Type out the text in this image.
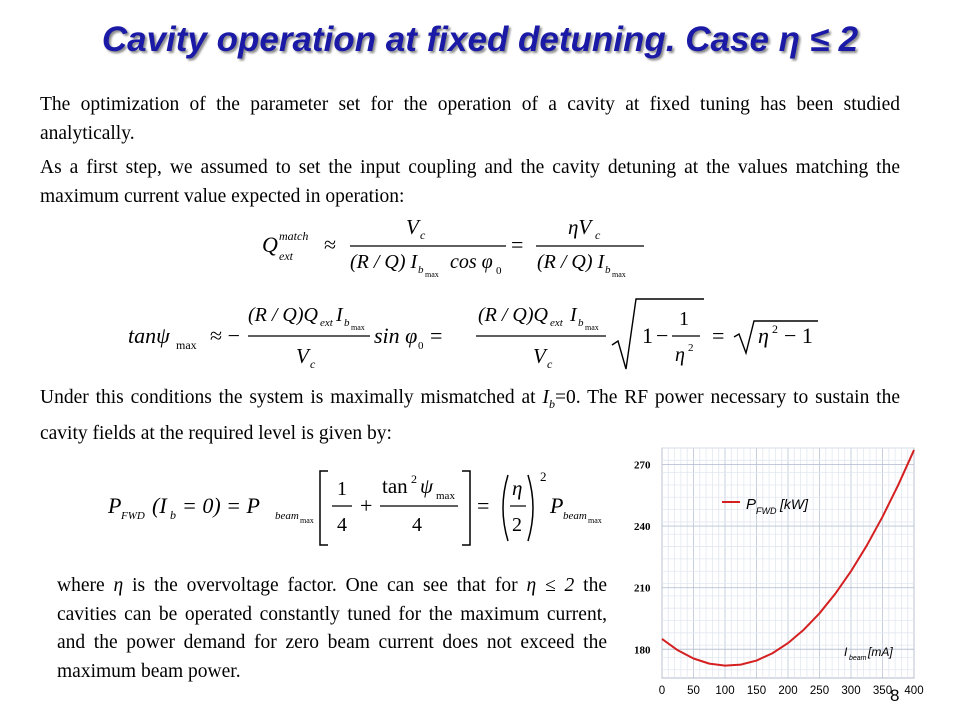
Cavity operation at fixed detuning. Case η ≤ 2
The optimization of the parameter set for the operation of a cavity at fixed tuning has been studied analytically.
As a first step, we assumed to set the input coupling and the cavity detuning at the values matching the maximum current value expected in operation:
Q match
ext ≈
V c
(R / Q) I b max
cos φ 0
=
ηV c
(R / Q) I b max
tanψ max ≈ −
(R / Q)Q ext I b max
V c
sin φ 0 =
(R / Q)Q ext I b max
V c
1 −
1
η 2 = η 2 − 1
Under this conditions the system is maximally mismatched at $I_b=0$. The RF power necessary to sustain the cavity fields at the required level is given by:
P FWD (I b = 0) = P beam max
1
4
+
tan 2 ψ max
4
=
η
2
2
P beam max
where η is the overvoltage factor. One can see that for η ≤ 2 the cavities can be operated constantly tuned for the maximum current, and the power demand for zero beam current does not exceed the maximum beam power.
180
210
240
270
0 50 100 150 200 250 300 350 400
P FWD [kW]
I beam [mA]
8
